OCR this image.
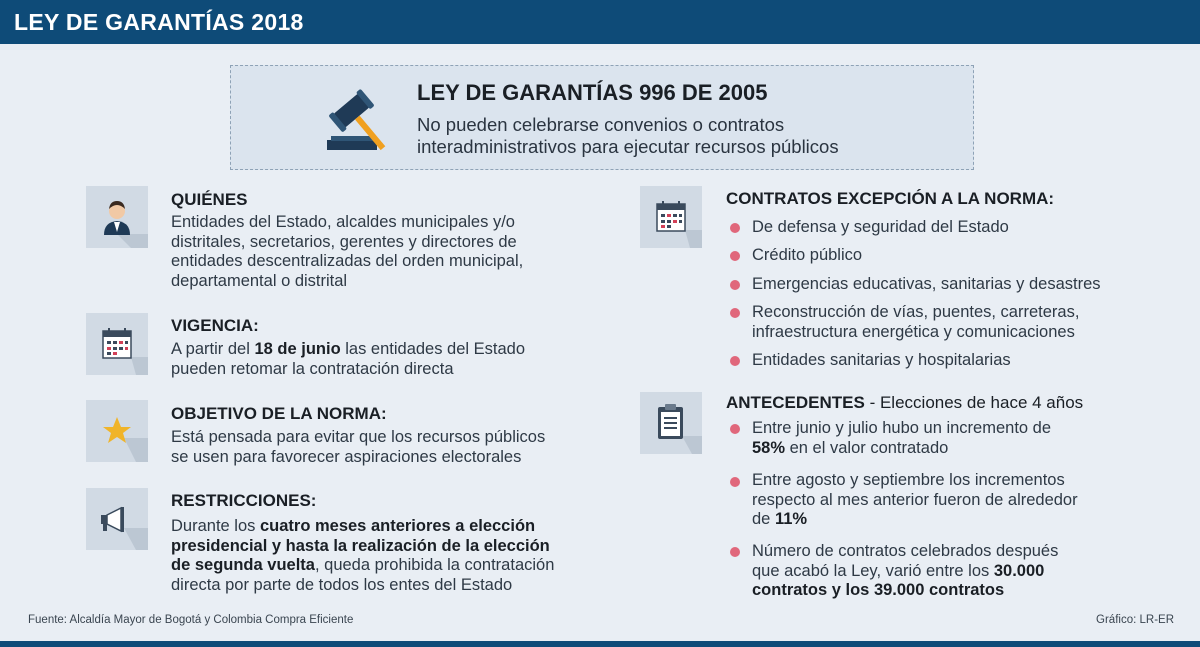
LEY DE GARANTÍAS 2018
LEY DE GARANTÍAS 996 DE 2005
No pueden celebrarse convenios o contratos
interadministrativos para ejecutar recursos públicos
QUIÉNES
Entidades del Estado, alcaldes municipales y/o
distritales, secretarios, gerentes y directores de
entidades descentralizadas del orden municipal,
departamental o distrital
VIGENCIA:
A partir del 18 de junio las entidades del Estado
pueden retomar la contratación directa
OBJETIVO DE LA NORMA:
Está pensada para evitar que los recursos públicos
se usen para favorecer aspiraciones electorales
RESTRICCIONES:
Durante los cuatro meses anteriores a elección
presidencial y hasta la realización de la elección
de segunda vuelta, queda prohibida la contratación
directa por parte de todos los entes del Estado
CONTRATOS EXCEPCIÓN A LA NORMA:
De defensa y seguridad del Estado
Crédito público
Emergencias educativas, sanitarias y desastres
Reconstrucción de vías, puentes, carreteras,
infraestructura energética y comunicaciones
Entidades sanitarias y hospitalarias
ANTECEDENTES - Elecciones de hace 4 años
Entre junio y julio hubo un incremento de
58% en el valor contratado
Entre agosto y septiembre los incrementos
respecto al mes anterior fueron de alrededor
de 11%
Número de contratos celebrados después
que acabó la Ley, varió entre los 30.000
contratos y los 39.000 contratos
Fuente: Alcaldía Mayor de Bogotá y Colombia Compra Eficiente	Gráfico: LR-ER
